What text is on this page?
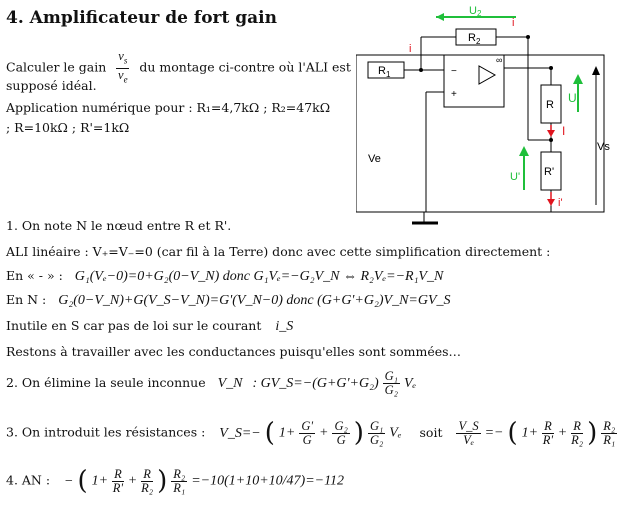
4. Amplificateur de fort gain
Calculer le gain $\frac{v_s}{v_e}$ du montage ci-contre où l'ALI est
supposé idéal.
Application numérique pour : R₁=4,7kΩ ; R₂=47kΩ
; R=10kΩ ; R'=1kΩ
$R_1$
$R_2$
R
R'
Ve
Vs
−
+
∞
U2
i
i
U
I
U'
i'
1. On note N le nœud entre R et R'.
ALI linéaire : V₊=V₋=0 (car fil à la Terre) donc avec cette simplification directement :
En « - » : G₁(Vₑ−0)=0+G₂(0−V_N) donc G₁Vₑ=−G₂V_N ⇔ R₂Vₑ=−R₁V_N
En N : G₂(0−V_N)+G(V_S−V_N)=G'(V_N−0) donc (G+G'+G₂)V_N=GV_S
Inutile en S car pas de loi sur le courant i_S
Restons à travailler avec les conductances puisqu'elles sont sommées…
2. On élimine la seule inconnue V_N : GV_S=−(G+G'+G₂) $\frac{\text{G₁}}{\text{G₂}}$ Vₑ
3. On introduit les résistances : V_S=− ( $1+ \frac{G'}{G} + \frac{\text{G₂}}{G}$ ) $\frac{\text{G₁}}{\text{G₂}}$ Vₑ soit $\frac{V\_S}{\text{Vₑ}}$ =− ( $1+ \frac{R}{R'} + \frac{R}{\text{R₂}}$ ) $\frac{\text{R₂}}{\text{R₁}}$
4. AN : − ( $1+ \frac{R}{R'} + \frac{R}{\text{R₂}}$ ) $\frac{\text{R₂}}{\text{R₁}} =-10(1+10+10/47)=-112$
